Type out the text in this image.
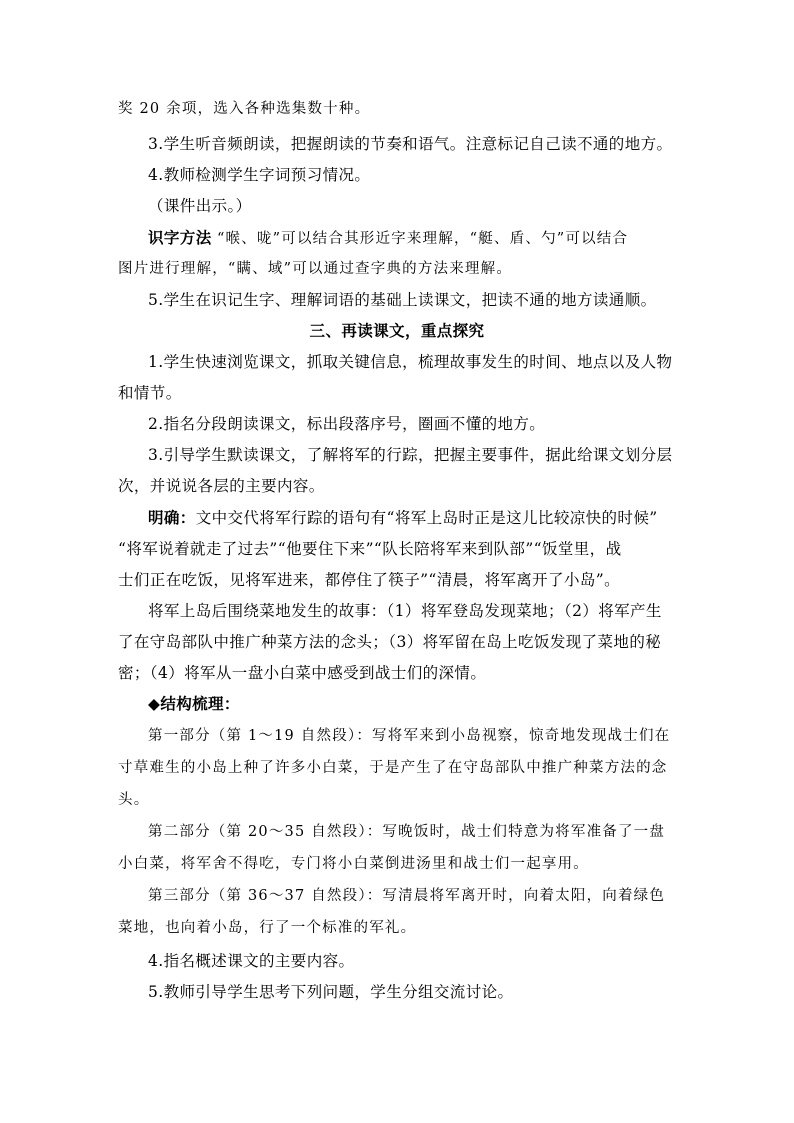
奖 20 余项，选入各种选集数十种。
3.学生听音频朗读，把握朗读的节奏和语气。注意标记自己读不通的地方。
4.教师检测学生字词预习情况。
（课件出示。）
识字方法 “喉、咙”可以结合其形近字来理解，“艇、盾、勺”可以结合
图片进行理解，“瞒、域”可以通过查字典的方法来理解。
5.学生在识记生字、理解词语的基础上读课文，把读不通的地方读通顺。
三、再读课文，重点探究
1.学生快速浏览课文，抓取关键信息，梳理故事发生的时间、地点以及人物
和情节。
2.指名分段朗读课文，标出段落序号，圈画不懂的地方。
3.引导学生默读课文，了解将军的行踪，把握主要事件，据此给课文划分层
次，并说说各层的主要内容。
明确：文中交代将军行踪的语句有“将军上岛时正是这儿比较凉快的时候”
“将军说着就走了过去”“他要住下来”“队长陪将军来到队部”“饭堂里，战
士们正在吃饭，见将军进来，都停住了筷子”“清晨，将军离开了小岛”。
将军上岛后围绕菜地发生的故事：（1）将军登岛发现菜地；（2）将军产生
了在守岛部队中推广种菜方法的念头；（3）将军留在岛上吃饭发现了菜地的秘
密；（4）将军从一盘小白菜中感受到战士们的深情。
◆结构梳理：
第一部分（第 1～19 自然段）：写将军来到小岛视察，惊奇地发现战士们在
寸草难生的小岛上种了许多小白菜，于是产生了在守岛部队中推广种菜方法的念
头。
第二部分（第 20～35 自然段）：写晚饭时，战士们特意为将军准备了一盘
小白菜，将军舍不得吃，专门将小白菜倒进汤里和战士们一起享用。
第三部分（第 36～37 自然段）：写清晨将军离开时，向着太阳，向着绿色
菜地，也向着小岛，行了一个标准的军礼。
4.指名概述课文的主要内容。
5.教师引导学生思考下列问题，学生分组交流讨论。
